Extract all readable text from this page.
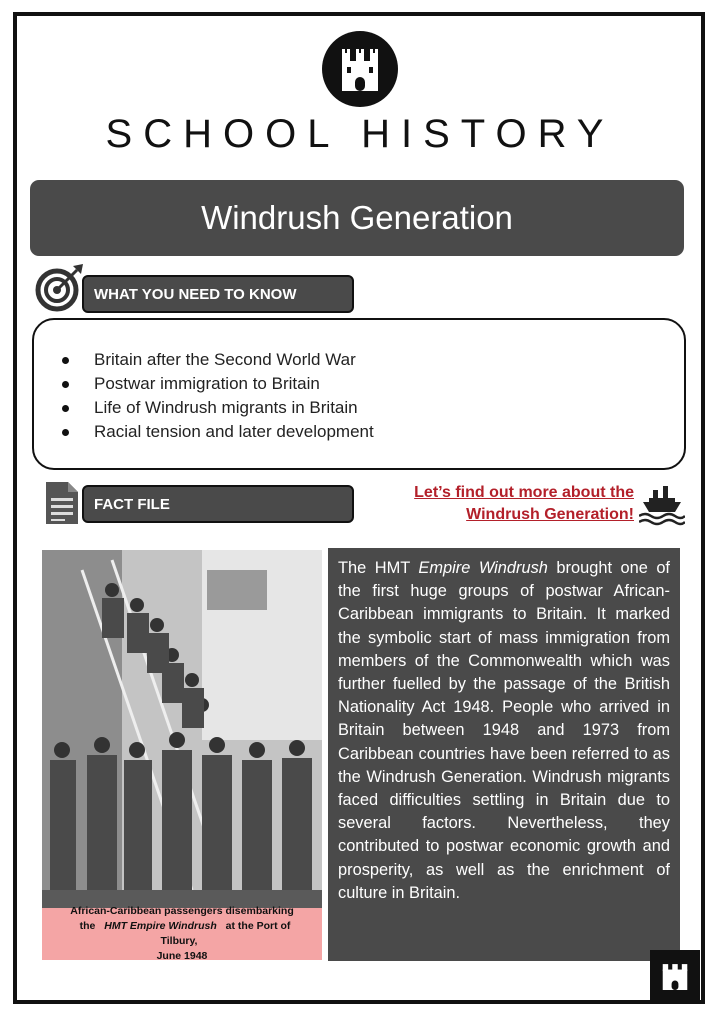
SCHOOL HISTORY
Windrush Generation
WHAT YOU NEED TO KNOW
Britain after the Second World War
Postwar immigration to Britain
Life of Windrush migrants in Britain
Racial tension and later development
FACT FILE
Let’s find out more about the
Windrush Generation!
African-Caribbean passengers disembarking
the HMT Empire Windrush at the Port of Tilbury,
June 1948

The HMT Empire Windrush brought one of the first huge groups of postwar African-Caribbean immigrants to Britain. It marked the symbolic start of mass immigration from members of the Commonwealth which was further fuelled by the passage of the British Nationality Act 1948. People who arrived in Britain between 1948 and 1973 from Caribbean countries have been referred to as the Windrush Generation. Windrush migrants faced difficulties settling in Britain due to several factors. Nevertheless, they contributed to postwar economic growth and prosperity, as well as the enrichment of culture in Britain.
